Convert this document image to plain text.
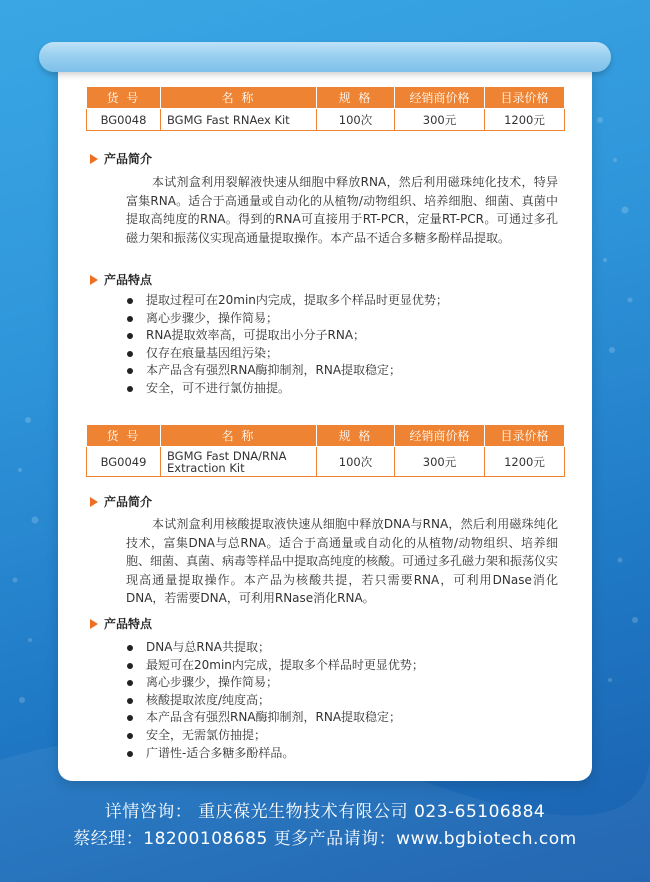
货 号	名 称	规 格	经销商价格	目录价格
BG0048	BGMG Fast RNAex Kit	100次	300元	1200元
产品简介

本试剂盒利用裂解液快速从细胞中释放RNA，然后利用磁珠纯化技术，特异富集RNA。适合于高通量或自动化的从植物/动物组织、培养细胞、细菌、真菌中提取高纯度的RNA。得到的RNA可直接用于RT-PCR，定量RT-PCR。可通过多孔磁力架和振荡仪实现高通量提取操作。本产品不适合多糖多酚样品提取。

产品特点
提取过程可在20min内完成，提取多个样品时更显优势；
离心步骤少，操作简易；
RNA提取效率高，可提取出小分子RNA；
仅存在痕量基因组污染；
本产品含有强烈RNA酶抑制剂，RNA提取稳定；
安全，可不进行氯仿抽提。
货 号	名 称	规 格	经销商价格	目录价格
BG0049	BGMG Fast DNA/RNA Extraction Kit	100次	300元	1200元
产品简介

本试剂盒利用核酸提取液快速从细胞中释放DNA与RNA，然后利用磁珠纯化技术，富集DNA与总RNA。适合于高通量或自动化的从植物/动物组织、培养细胞、细菌、真菌、病毒等样品中提取高纯度的核酸。可通过多孔磁力架和振荡仪实现高通量提取操作。本产品为核酸共提，若只需要RNA，可利用DNase消化DNA，若需要DNA，可利用RNase消化RNA。

产品特点
DNA与总RNA共提取；
最短可在20min内完成，提取多个样品时更显优势；
离心步骤少，操作简易；
核酸提取浓度/纯度高；
本产品含有强烈RNA酶抑制剂，RNA提取稳定；
安全，无需氯仿抽提；
广谱性-适合多糖多酚样品。
详情咨询： 重庆葆光生物技术有限公司 023-65106884
蔡经理：18200108685 更多产品请询：www.bgbiotech.com
